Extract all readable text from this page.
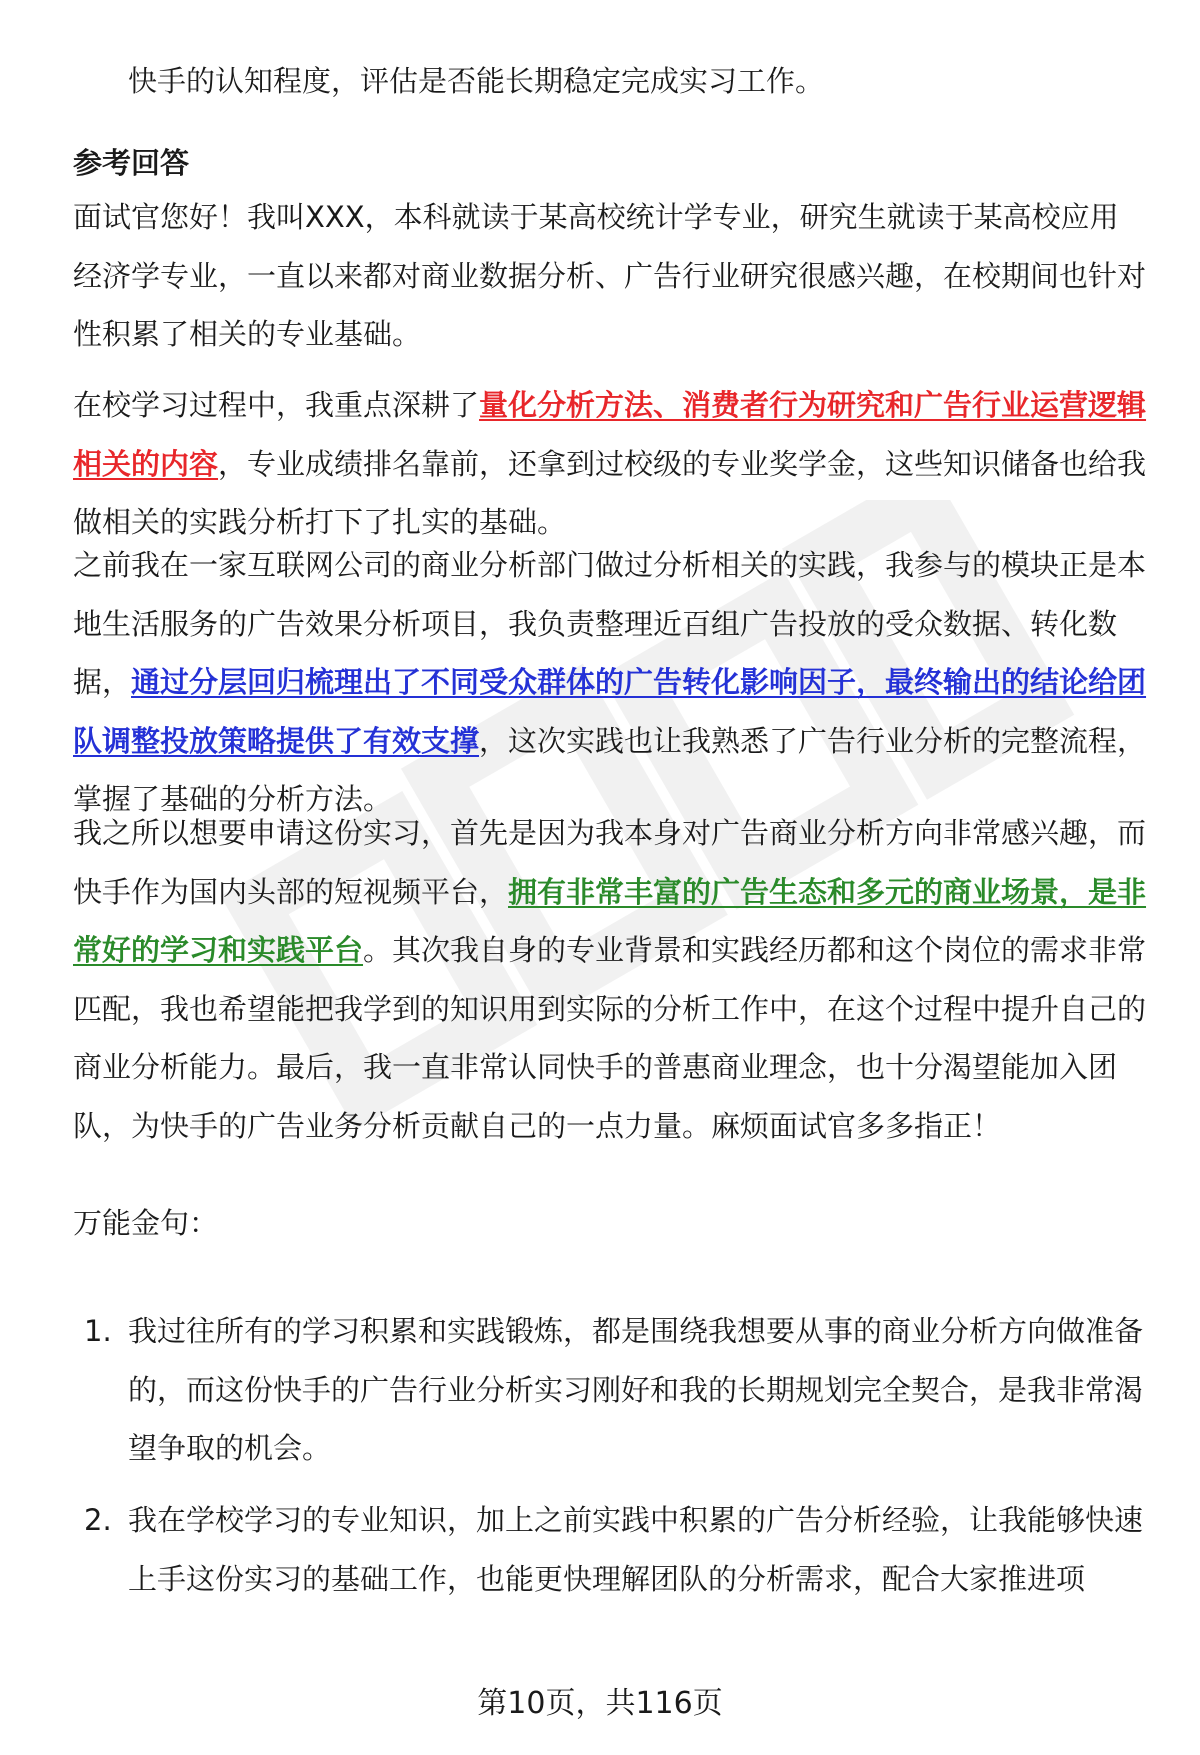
快手的认知程度，评估是否能长期稳定完成实习工作。
参考回答

面试官您好！我叫XXX，本科就读于某高校统计学专业，研究生就读于某高校应用经济学专业，一直以来都对商业数据分析、广告行业研究很感兴趣，在校期间也针对性积累了相关的专业基础。

在校学习过程中，我重点深耕了量化分析方法、消费者行为研究和广告行业运营逻辑相关的内容，专业成绩排名靠前，还拿到过校级的专业奖学金，这些知识储备也给我做相关的实践分析打下了扎实的基础。

之前我在一家互联网公司的商业分析部门做过分析相关的实践，我参与的模块正是本地生活服务的广告效果分析项目，我负责整理近百组广告投放的受众数据、转化数据，通过分层回归梳理出了不同受众群体的广告转化影响因子，最终输出的结论给团队调整投放策略提供了有效支撑，这次实践也让我熟悉了广告行业分析的完整流程，掌握了基础的分析方法。

我之所以想要申请这份实习，首先是因为我本身对广告商业分析方向非常感兴趣，而快手作为国内头部的短视频平台，拥有非常丰富的广告生态和多元的商业场景，是非常好的学习和实践平台。其次我自身的专业背景和实践经历都和这个岗位的需求非常匹配，我也希望能把我学到的知识用到实际的分析工作中，在这个过程中提升自己的商业分析能力。最后，我一直非常认同快手的普惠商业理念，也十分渴望能加入团队，为快手的广告业务分析贡献自己的一点力量。麻烦面试官多多指正！

万能金句：

1. 我过往所有的学习积累和实践锻炼，都是围绕我想要从事的商业分析方向做准备的，而这份快手的广告行业分析实习刚好和我的长期规划完全契合，是我非常渴望争取的机会。
2. 我在学校学习的专业知识，加上之前实践中积累的广告分析经验，让我能够快速上手这份实习的基础工作，也能更快理解团队的分析需求，配合大家推进项
第10页，共116页
